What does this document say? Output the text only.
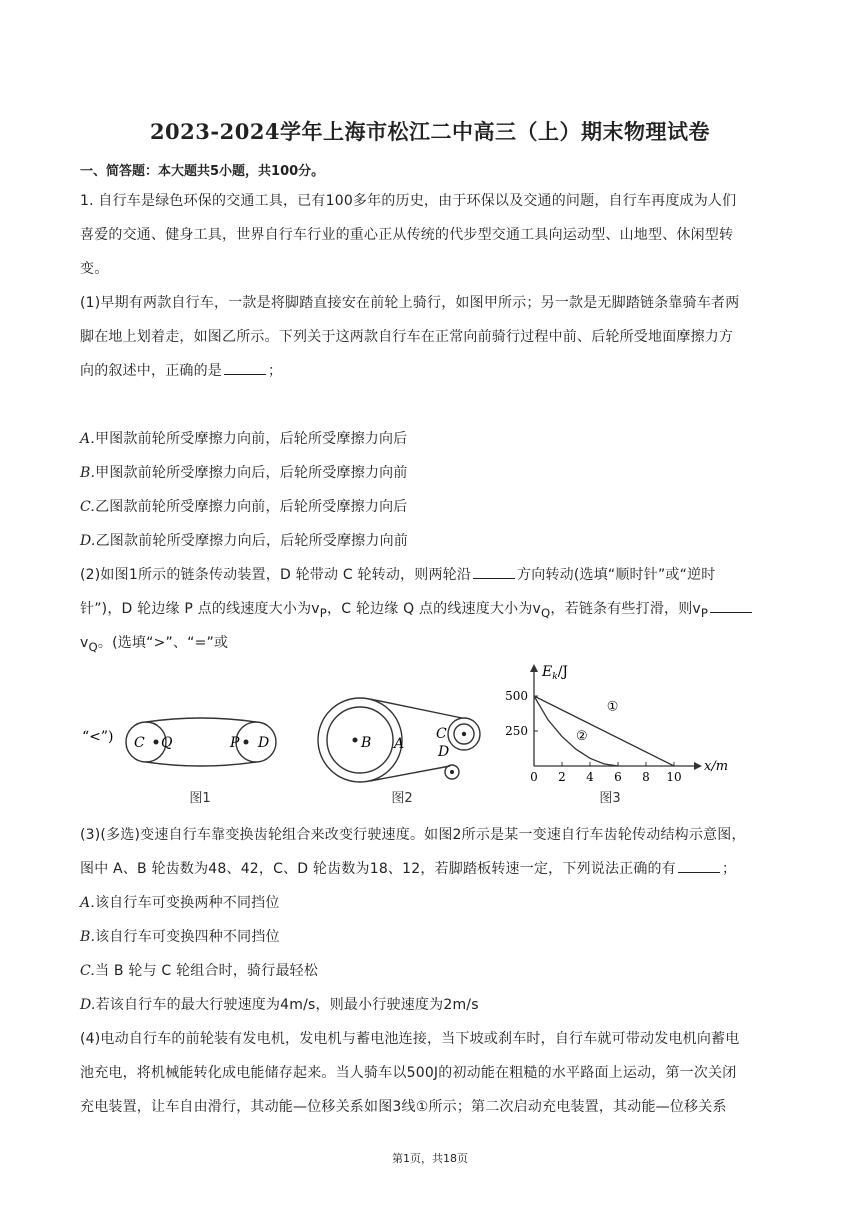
2023-2024学年上海市松江二中高三（上）期末物理试卷
一、简答题：本大题共5小题，共100分。
1. 自行车是绿色环保的交通工具，已有100多年的历史，由于环保以及交通的问题，自行车再度成为人们
喜爱的交通、健身工具，世界自行车行业的重心正从传统的代步型交通工具向运动型、山地型、休闲型转
变。
(1)早期有两款自行车，一款是将脚踏直接安在前轮上骑行，如图甲所示；另一款是无脚踏链条靠骑车者两
脚在地上划着走，如图乙所示。下列关于这两款自行车在正常向前骑行过程中前、后轮所受地面摩擦力方
向的叙述中，正确的是	；
A.甲图款前轮所受摩擦力向前，后轮所受摩擦力向后
B.甲图款前轮所受摩擦力向后，后轮所受摩擦力向前
C.乙图款前轮所受摩擦力向前，后轮所受摩擦力向后
D.乙图款前轮所受摩擦力向后，后轮所受摩擦力向前
(2)如图1所示的链条传动装置，D 轮带动 C 轮转动，则两轮沿	方向转动(选填“顺时针”或“逆时
针”)，D 轮边缘 P 点的线速度大小为$v_P$，C 轮边缘 Q 点的线速度大小为$v_Q$，若链条有些打滑，则$v_P$
$v_Q$。(选填“>”、“=”或
“<”) C Q	P D
图1
B A
C
D
图2
$E_k/J$
x/m
0 2 4 6 8 10
500
250
①
②
图3
(3)(多选)变速自行车靠变换齿轮组合来改变行驶速度。如图2所示是某一变速自行车齿轮传动结构示意图，
图中 A、B 轮齿数为48、42，C、D 轮齿数为18、12，若脚踏板转速一定，下列说法正确的有	；
A.该自行车可变换两种不同挡位
B.该自行车可变换四种不同挡位
C.当 B 轮与 C 轮组合时，骑行最轻松
D.若该自行车的最大行驶速度为4m/s，则最小行驶速度为2m/s
(4)电动自行车的前轮装有发电机，发电机与蓄电池连接，当下坡或刹车时，自行车就可带动发电机向蓄电
池充电，将机械能转化成电能储存起来。当人骑车以500J的初动能在粗糙的水平路面上运动，第一次关闭
充电装置，让车自由滑行，其动能—位移关系如图3线①所示；第二次启动充电装置，其动能—位移关系
第1页，共18页
